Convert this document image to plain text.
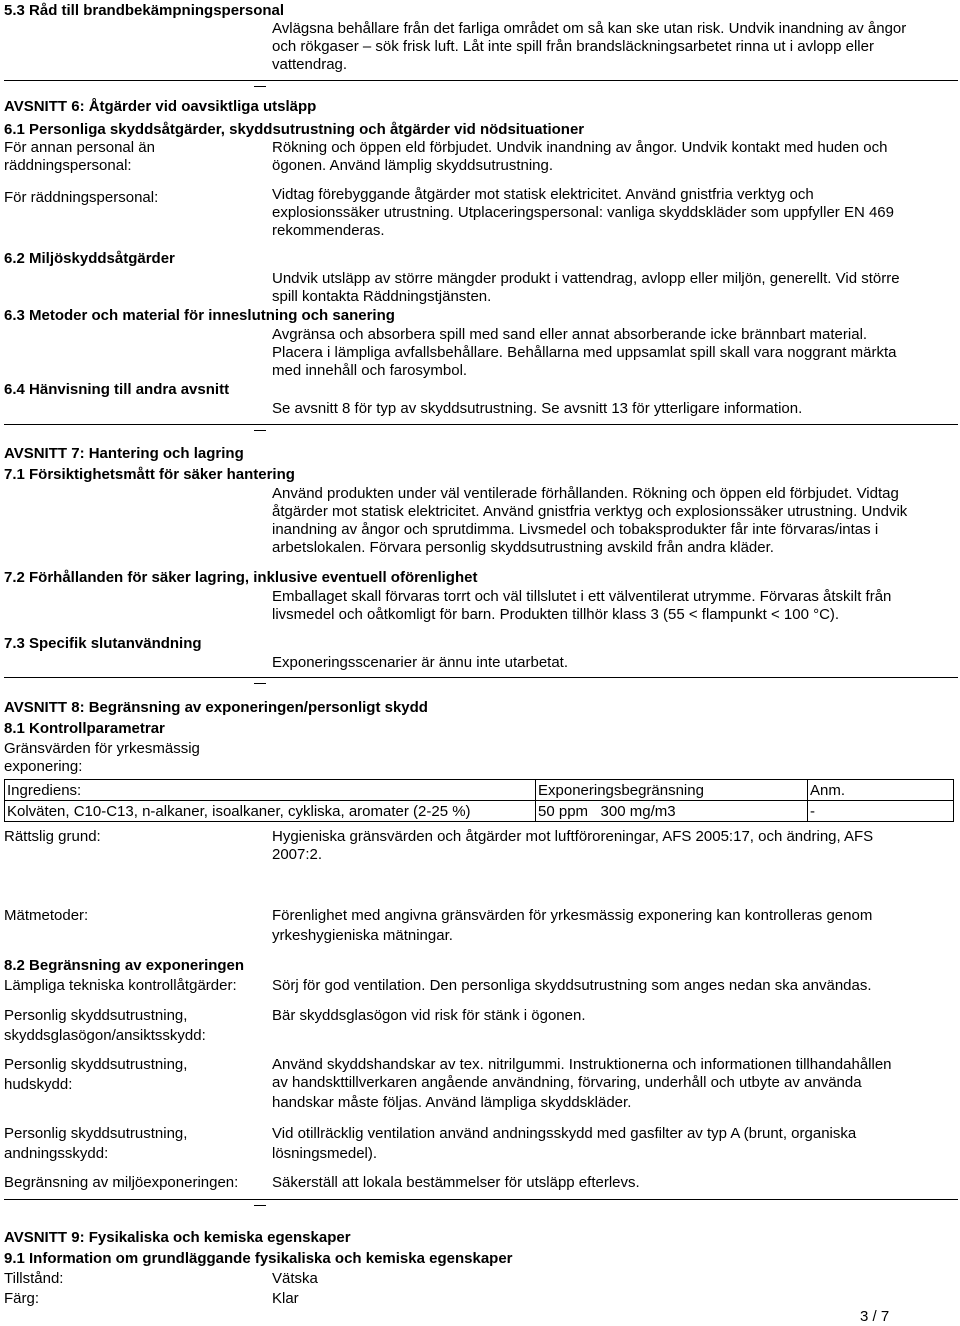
5.3 Råd till brandbekämpningspersonal
Avlägsna behållare från det farliga området om så kan ske utan risk. Undvik inandning av ångor
och rökgaser – sök frisk luft. Låt inte spill från brandsläckningsarbetet rinna ut i avlopp eller
vattendrag.
AVSNITT 6: Åtgärder vid oavsiktliga utsläpp
6.1 Personliga skyddsåtgärder, skyddsutrustning och åtgärder vid nödsituationer
För annan personal än
räddningspersonal:
Rökning och öppen eld förbjudet. Undvik inandning av ångor. Undvik kontakt med huden och
ögonen. Använd lämplig skyddsutrustning.
För räddningspersonal:	Vidtag förebyggande åtgärder mot statisk elektricitet. Använd gnistfria verktyg och
explosionssäker utrustning. Utplaceringspersonal: vanliga skyddskläder som uppfyller EN 469
rekommenderas.
6.2 Miljöskyddsåtgärder
Undvik utsläpp av större mängder produkt i vattendrag, avlopp eller miljön, generellt. Vid större
spill kontakta Räddningstjänsten.
6.3 Metoder och material för inneslutning och sanering
Avgränsa och absorbera spill med sand eller annat absorberande icke brännbart material.
Placera i lämpliga avfallsbehållare. Behållarna med uppsamlat spill skall vara noggrant märkta
med innehåll och farosymbol.
6.4 Hänvisning till andra avsnitt
Se avsnitt 8 för typ av skyddsutrustning. Se avsnitt 13 för ytterligare information.
AVSNITT 7: Hantering och lagring
7.1 Försiktighetsmått för säker hantering
Använd produkten under väl ventilerade förhållanden. Rökning och öppen eld förbjudet. Vidtag
åtgärder mot statisk elektricitet. Använd gnistfria verktyg och explosionssäker utrustning. Undvik
inandning av ångor och sprutdimma. Livsmedel och tobaksprodukter får inte förvaras/intas i
arbetslokalen. Förvara personlig skyddsutrustning avskild från andra kläder.
7.2 Förhållanden för säker lagring, inklusive eventuell oförenlighet
Emballaget skall förvaras torrt och väl tillslutet i ett välventilerat utrymme. Förvaras åtskilt från
livsmedel och oåtkomligt för barn. Produkten tillhör klass 3 (55 < flampunkt < 100 °C).
7.3 Specifik slutanvändning
Exponeringsscenarier är ännu inte utarbetat.
AVSNITT 8: Begränsning av exponeringen/personligt skydd
8.1 Kontrollparametrar
Gränsvärden för yrkesmässig
exponering:
Ingrediens:	Exponeringsbegränsning	Anm.
Kolväten, C10-C13, n-alkaner, isoalkaner, cykliska, aromater (2-25 %)	50 ppm   300 mg/m3	-
Rättslig grund:	Hygieniska gränsvärden och åtgärder mot luftföroreningar, AFS 2005:17, och ändring, AFS
2007:2.
Mätmetoder:	Förenlighet med angivna gränsvärden för yrkesmässig exponering kan kontrolleras genom
yrkeshygieniska mätningar.
8.2 Begränsning av exponeringen
Lämpliga tekniska kontrollåtgärder: Sörj för god ventilation. Den personliga skyddsutrustning som anges nedan ska användas.
Personlig skyddsutrustning,
skyddsglasögon/ansiktsskydd:
Bär skyddsglasögon vid risk för stänk i ögonen.
Personlig skyddsutrustning,
hudskydd:
Använd skyddshandskar av tex. nitrilgummi. Instruktionerna och informationen tillhandahållen
av handskttillverkaren angående användning, förvaring, underhåll och utbyte av använda
handskar måste följas. Använd lämpliga skyddskläder.
Personlig skyddsutrustning,
andningsskydd:
Vid otillräcklig ventilation använd andningsskydd med gasfilter av typ A (brunt, organiska
lösningsmedel).
Begränsning av miljöexponeringen: Säkerställ att lokala bestämmelser för utsläpp efterlevs.
AVSNITT 9: Fysikaliska och kemiska egenskaper
9.1 Information om grundläggande fysikaliska och kemiska egenskaper
Tillstånd:	Vätska
Färg:	Klar
3 / 7
